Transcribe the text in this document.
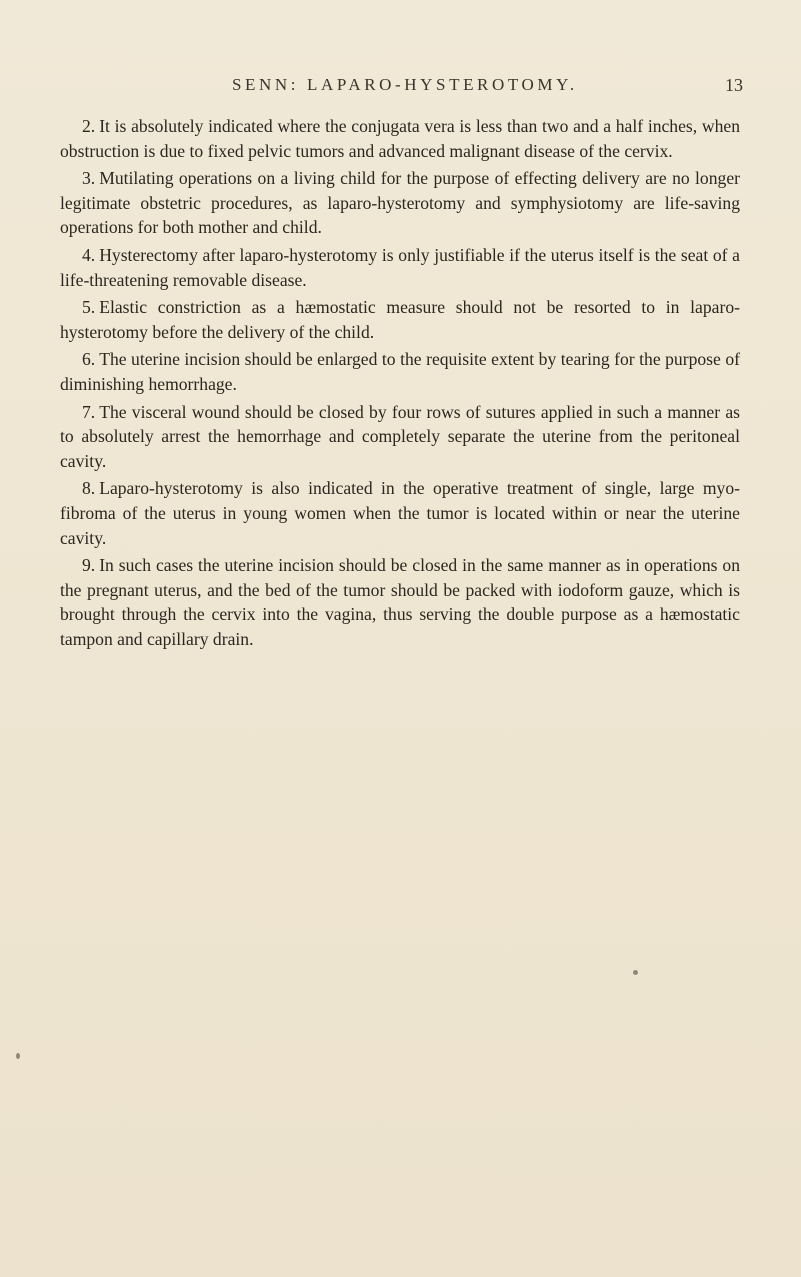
SENN: LAPARO-HYSTEROTOMY.	13

2. It is absolutely indicated where the conjugata vera is less than two and a half inches, when obstruction is due to fixed pelvic tumors and advanced malignant disease of the cervix.

3. Mutilating operations on a living child for the purpose of effecting delivery are no longer legitimate obstetric procedures, as laparo-hysterotomy and symphysiotomy are life-saving operations for both mother and child.

4. Hysterectomy after laparo-hysterotomy is only justifiable if the uterus itself is the seat of a life-threatening removable disease.

5. Elastic constriction as a hæmostatic measure should not be resorted to in laparo-hysterotomy before the delivery of the child.

6. The uterine incision should be enlarged to the requisite extent by tearing for the purpose of diminishing hemorrhage.

7. The visceral wound should be closed by four rows of sutures applied in such a manner as to absolutely arrest the hemorrhage and completely separate the uterine from the peritoneal cavity.

8. Laparo-hysterotomy is also indicated in the operative treatment of single, large myo-fibroma of the uterus in young women when the tumor is located within or near the uterine cavity.

9. In such cases the uterine incision should be closed in the same manner as in operations on the pregnant uterus, and the bed of the tumor should be packed with iodoform gauze, which is brought through the cervix into the vagina, thus serving the double purpose as a hæmostatic tampon and capillary drain.
